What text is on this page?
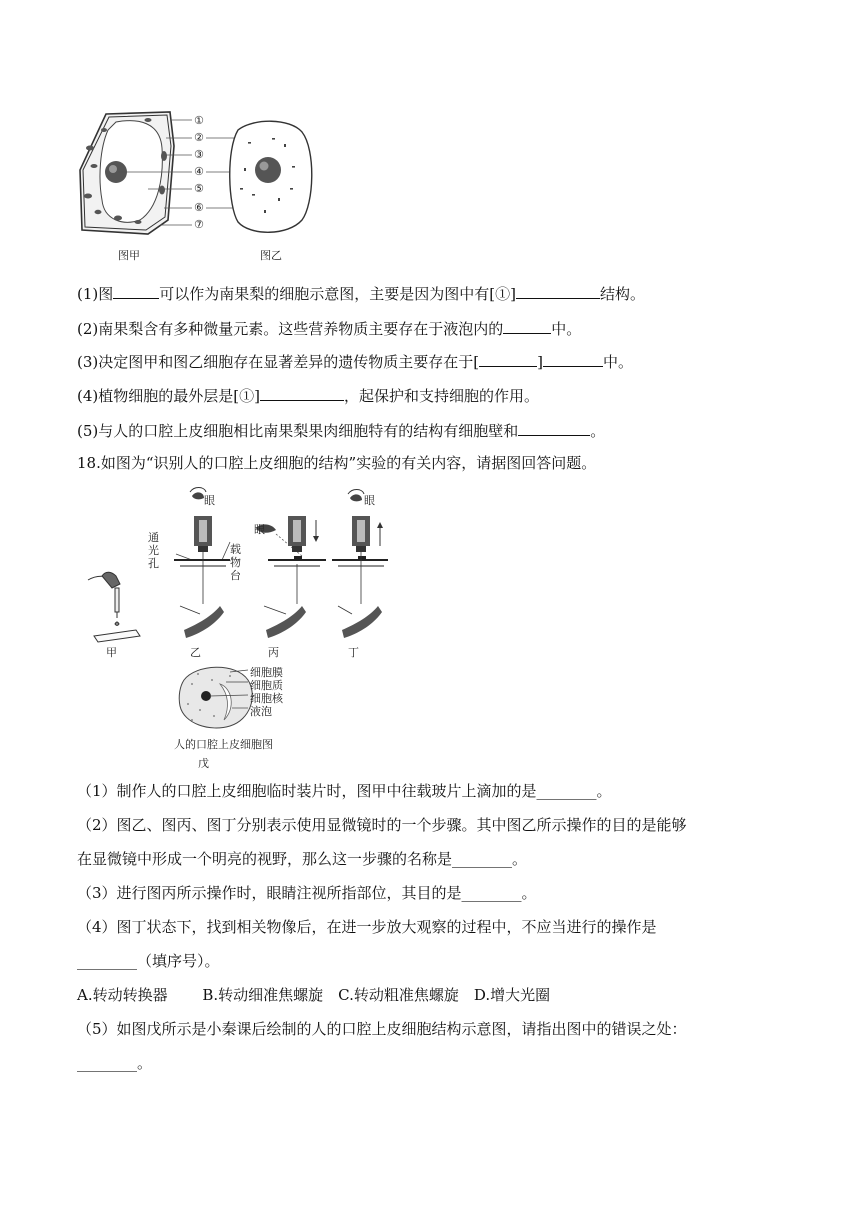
①
②
③
④
⑤
⑥
⑦
图甲	图乙
(1)图	可以作为南果梨的细胞示意图，主要是因为图中有[①]	结构。
(2)南果梨含有多种微量元素。这些营养物质主要存在于液泡内的	中。
(3)决定图甲和图乙细胞存在显著差异的遗传物质主要存在于[	]	中。
(4)植物细胞的最外层是[①]	，起保护和支持细胞的作用。
(5)与人的口腔上皮细胞相比南果梨果肉细胞特有的结构有细胞壁和	。
18.如图为“识别人的口腔上皮细胞的结构”实验的有关内容，请据图回答问题。
眼
眼
眼
通
光
孔
载
物
台
甲	乙	丙	丁
细胞膜
细胞质
细胞核
液泡
人的口腔上皮细胞图
戊
（1）制作人的口腔上皮细胞临时装片时，图甲中往载玻片上滴加的是________。
（2）图乙、图丙、图丁分别表示使用显微镜时的一个步骤。其中图乙所示操作的目的是能够
在显微镜中形成一个明亮的视野，那么这一步骤的名称是________。
（3）进行图丙所示操作时，眼睛注视所指部位，其目的是________。
（4）图丁状态下，找到相关物像后，在进一步放大观察的过程中，不应当进行的操作是
________（填序号）。
A.转动转换器　　 B.转动细准焦螺旋　C.转动粗准焦螺旋　D.增大光圈
（5）如图戊所示是小秦课后绘制的人的口腔上皮细胞结构示意图，请指出图中的错误之处：
________。
